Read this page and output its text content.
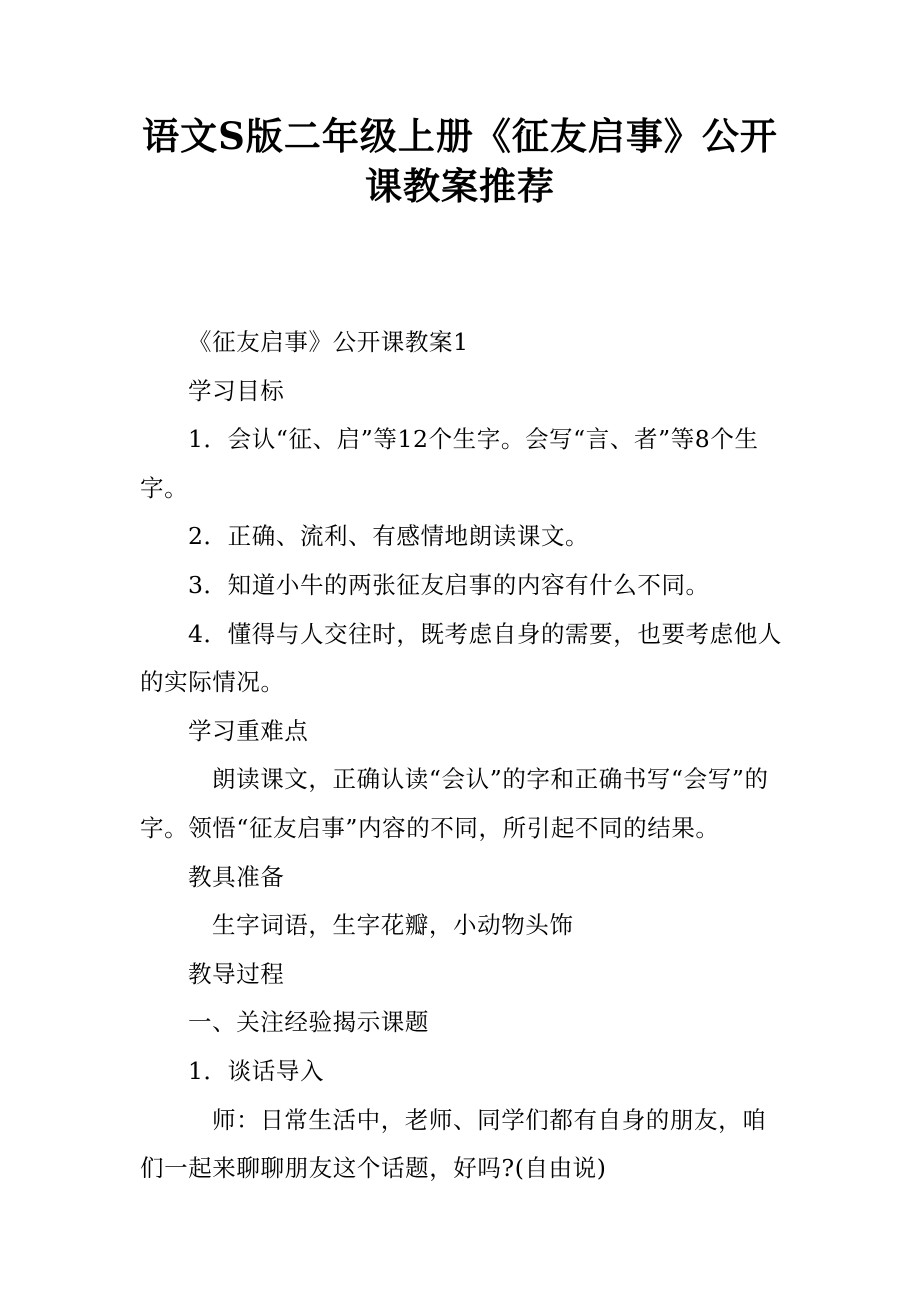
语文S版二年级上册《征友启事》公开
课教案推荐

《征友启事》公开课教案1

学习目标

1．会认“征、启”等12个生字。会写“言、者”等8个生字。

2．正确、流利、有感情地朗读课文。

3．知道小牛的两张征友启事的内容有什么不同。

4．懂得与人交往时，既考虑自身的需要，也要考虑他人的实际情况。

学习重难点

朗读课文，正确认读“会认”的字和正确书写“会写”的字。领悟“征友启事”内容的不同，所引起不同的结果。

教具准备

生字词语，生字花瓣，小动物头饰

教导过程

一、关注经验揭示课题

1．谈话导入

师：日常生活中，老师、同学们都有自身的朋友，咱们一起来聊聊朋友这个话题，好吗?(自由说)
